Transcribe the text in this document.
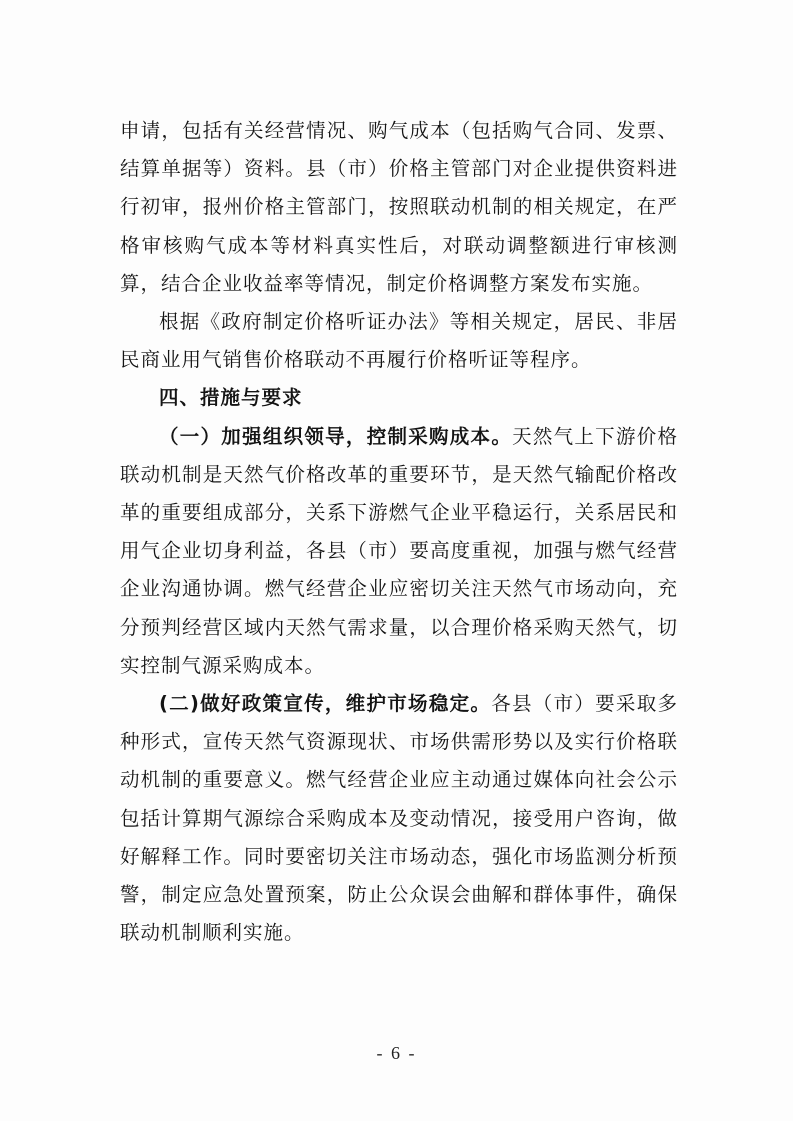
申请，包括有关经营情况、购气成本（包括购气合同、发票、结算单据等）资料。县（市）价格主管部门对企业提供资料进行初审，报州价格主管部门，按照联动机制的相关规定，在严格审核购气成本等材料真实性后，对联动调整额进行审核测算，结合企业收益率等情况，制定价格调整方案发布实施。

根据《政府制定价格听证办法》等相关规定，居民、非居民商业用气销售价格联动不再履行价格听证等程序。

四、措施与要求

（一）加强组织领导，控制采购成本。天然气上下游价格联动机制是天然气价格改革的重要环节，是天然气输配价格改革的重要组成部分，关系下游燃气企业平稳运行，关系居民和用气企业切身利益，各县（市）要高度重视，加强与燃气经营企业沟通协调。燃气经营企业应密切关注天然气市场动向，充分预判经营区域内天然气需求量，以合理价格采购天然气，切实控制气源采购成本。

(二)做好政策宣传，维护市场稳定。各县（市）要采取多种形式，宣传天然气资源现状、市场供需形势以及实行价格联动机制的重要意义。燃气经营企业应主动通过媒体向社会公示包括计算期气源综合采购成本及变动情况，接受用户咨询，做好解释工作。同时要密切关注市场动态，强化市场监测分析预警，制定应急处置预案，防止公众误会曲解和群体事件，确保联动机制顺利实施。

- 6 -
